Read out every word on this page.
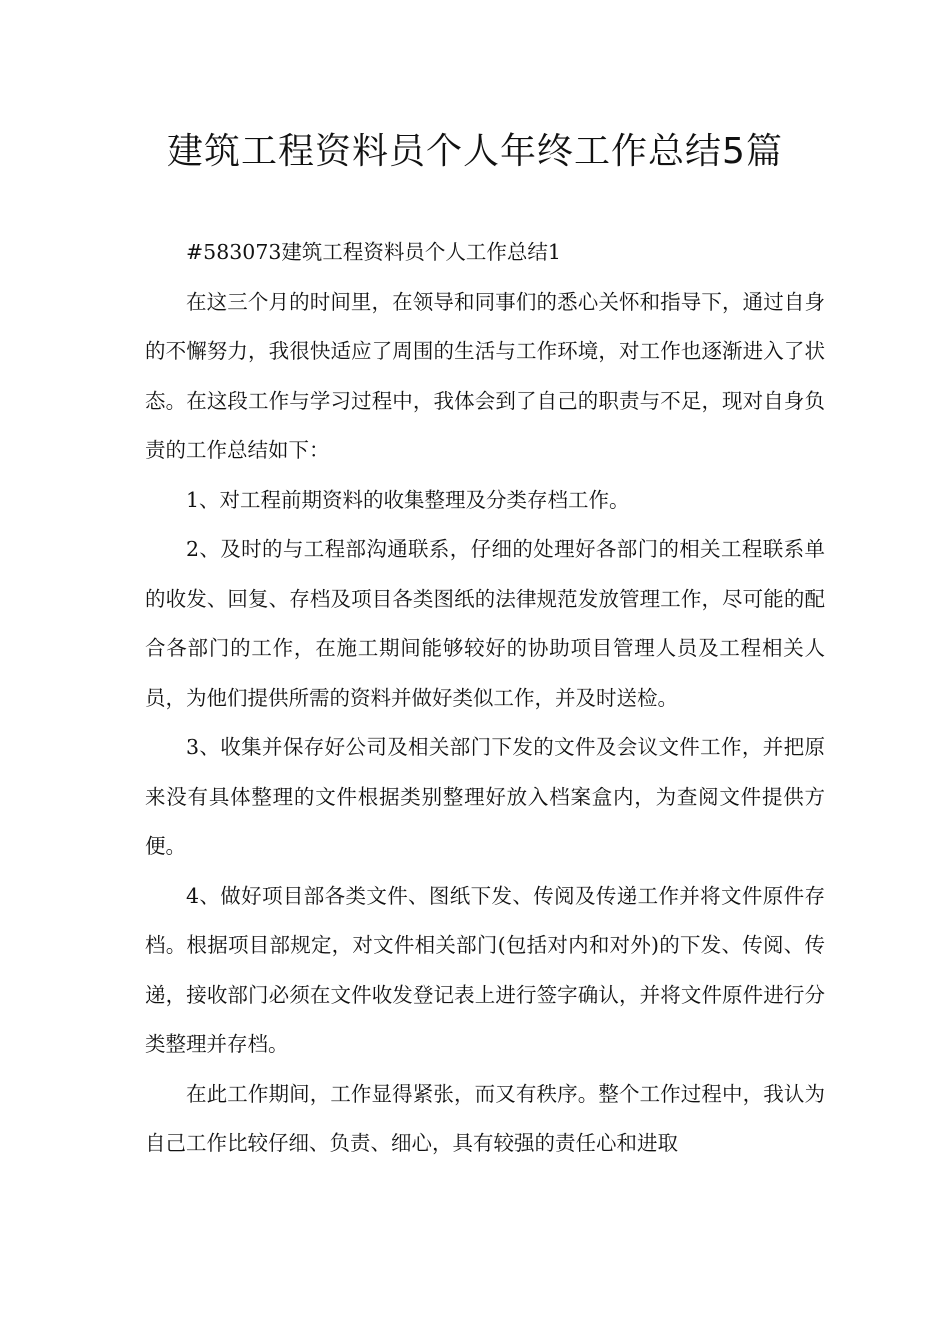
建筑工程资料员个人年终工作总结5篇

#583073建筑工程资料员个人工作总结1

在这三个月的时间里，在领导和同事们的悉心关怀和指导下，通过自身的不懈努力，我很快适应了周围的生活与工作环境，对工作也逐渐进入了状态。在这段工作与学习过程中，我体会到了自己的职责与不足，现对自身负责的工作总结如下：

1、对工程前期资料的收集整理及分类存档工作。

2、及时的与工程部沟通联系，仔细的处理好各部门的相关工程联系单的收发、回复、存档及项目各类图纸的法律规范发放管理工作，尽可能的配合各部门的工作，在施工期间能够较好的协助项目管理人员及工程相关人员，为他们提供所需的资料并做好类似工作，并及时送检。

3、收集并保存好公司及相关部门下发的文件及会议文件工作，并把原来没有具体整理的文件根据类别整理好放入档案盒内，为查阅文件提供方便。

4、做好项目部各类文件、图纸下发、传阅及传递工作并将文件原件存档。根据项目部规定，对文件相关部门(包括对内和对外)的下发、传阅、传递，接收部门必须在文件收发登记表上进行签字确认，并将文件原件进行分类整理并存档。

在此工作期间，工作显得紧张，而又有秩序。整个工作过程中，我认为自己工作比较仔细、负责、细心，具有较强的责任心和进取
